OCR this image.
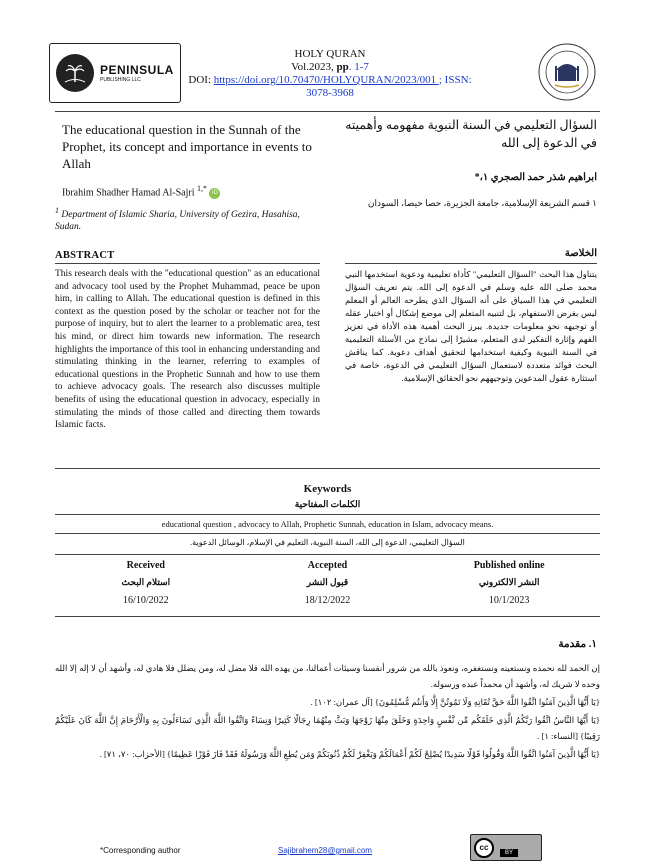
PENINSULA
PUBLISHING LLC
HOLY QURAN
Vol.2023, pp. 1-7
DOI: https://doi.org/10.70470/HOLYQURAN/2023/001 ; ISSN: 3078-3968
The educational question in the Sunnah of the Prophet, its concept and importance in events to Allah
السؤال التعليمي في السنة النبوية مفهومه وأهميته في الدعوة إلى الله
Ibrahim Shadher Hamad Al-Sajri $^{1,*}$ iD
$^1$ Department of Islamic Sharia, University of Gezira, Hasahisa, Sudan.
ابراهيم شذر حمد الصجري ١،*
١ قسم الشريعة الإسلامية، جامعة الجزيرة، حصا حيصا، السودان
ABSTRACT
This research deals with the "educational question" as an educational and advocacy tool used by the Prophet Muhammad, peace be upon him, in calling to Allah. The educational question is defined in this context as the question posed by the scholar or teacher not for the purpose of inquiry, but to alert the learner to a problematic area, test his mind, or direct him towards new information. The research highlights the importance of this tool in enhancing understanding and stimulating thinking in the learner, referring to examples of educational questions in the Prophetic Sunnah and how to use them to achieve advocacy goals. The research also discusses multiple benefits of using the educational question in advocacy, especially in stimulating the minds of those called and directing them towards Islamic facts.
الخلاصة
يتناول هذا البحث "السؤال التعليمي" كأداة تعليمية ودعوية استخدمها النبي محمد صلى الله عليه وسلم في الدعوة إلى الله. يتم تعريف السؤال التعليمي في هذا السياق على أنه السؤال الذي يطرحه العالم أو المعلم ليس بغرض الاستفهام، بل لتنبيه المتعلم إلى موضع إشكال أو اختبار عقله أو توجيهه نحو معلومات جديدة. يبرز البحث أهمية هذه الأداة في تعزيز الفهم وإثارة التفكير لدى المتعلم، مشيرًا إلى نماذج من الأسئلة التعليمية في السنة النبوية وكيفية استخدامها لتحقيق أهداف دعوية. كما يناقش البحث فوائد متعددة لاستعمال السؤال التعليمي في الدعوة، خاصة في استثارة عقول المدعوين وتوجيههم نحو الحقائق الإسلامية.
Keywords
الكلمات المفتاحية
educational question , advocacy to Allah, Prophetic Sunnah, education in Islam, advocacy means.
السؤال التعليمي، الدعوة إلى الله، السنة النبوية، التعليم في الإسلام، الوسائل الدعوية.
Received
استلام البحث
16/10/2022
Accepted
قبول النشر
18/12/2022
Published online
النشر الالكتروني
10/1/2023
١. مقدمة

إن الحمد لله نحمده ونستعينه ونستغفره، ونعوذ بالله من شرور أنفسنا وسيئات أعمالنا، من يهده الله فلا مضل له، ومن يضلل فلا هادي له، وأشهد أن لا إله إلا الله وحده لا شريك له، وأشهد أن محمداً عبده ورسوله.

{يَا أَيُّهَا الَّذِينَ آمَنُوا اتَّقُوا اللَّهَ حَقَّ تُقَاتِهِ وَلَا تَمُوتُنَّ إِلَّا وَأَنتُم مُّسْلِمُونَ} [آل عمران: ١٠٢] .

{يَا أَيُّهَا النَّاسُ اتَّقُوا رَبَّكُمُ الَّذِي خَلَقَكُم مِّن نَّفْسٍ وَاحِدَةٍ وَخَلَقَ مِنْهَا زَوْجَهَا وَبَثَّ مِنْهُمَا رِجَالًا كَثِيرًا وَنِسَاءً وَاتَّقُوا اللَّهَ الَّذِي تَسَاءَلُونَ بِهِ وَالْأَرْحَامَ إِنَّ اللَّهَ كَانَ عَلَيْكُمْ رَقِيبًا} [النساء: ١] .

{يَا أَيُّهَا الَّذِينَ آمَنُوا اتَّقُوا اللَّهَ وَقُولُوا قَوْلًا سَدِيدًا يُصْلِحْ لَكُمْ أَعْمَالَكُمْ وَيَغْفِرْ لَكُمْ ذُنُوبَكُمْ وَمَن يُطِعِ اللَّهَ وَرَسُولَهُ فَقَدْ فَازَ فَوْزًا عَظِيمًا} [الأحزاب: ٧٠، ٧١] .

*Corresponding author	Sajibrahem28@gmail.com	cc
BY
